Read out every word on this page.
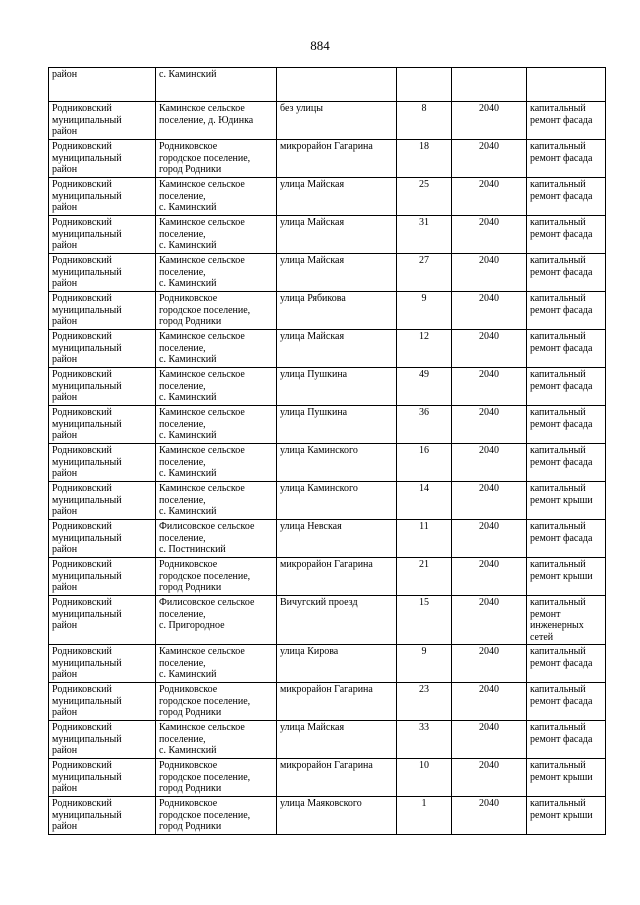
884
район	с. Каминский				
Родниковский
муниципальный
район	Каминское сельское
поселение, д. Юдинка	без улицы	8	2040	капитальный ремонт фасада
Родниковский
муниципальный
район	Родниковское
городское поселение,
город Родники	микрорайон Гагарина	18	2040	капитальный ремонт фасада
Родниковский
муниципальный
район	Каминское сельское
поселение,
с. Каминский	улица Майская	25	2040	капитальный ремонт фасада
Родниковский
муниципальный
район	Каминское сельское
поселение,
с. Каминский	улица Майская	31	2040	капитальный ремонт фасада
Родниковский
муниципальный
район	Каминское сельское
поселение,
с. Каминский	улица Майская	27	2040	капитальный ремонт фасада
Родниковский
муниципальный
район	Родниковское
городское поселение,
город Родники	улица Рябикова	9	2040	капитальный ремонт фасада
Родниковский
муниципальный
район	Каминское сельское
поселение,
с. Каминский	улица Майская	12	2040	капитальный ремонт фасада
Родниковский
муниципальный
район	Каминское сельское
поселение,
с. Каминский	улица Пушкина	49	2040	капитальный ремонт фасада
Родниковский
муниципальный
район	Каминское сельское
поселение,
с. Каминский	улица Пушкина	36	2040	капитальный ремонт фасада
Родниковский
муниципальный
район	Каминское сельское
поселение,
с. Каминский	улица Каминского	16	2040	капитальный ремонт фасада
Родниковский
муниципальный
район	Каминское сельское
поселение,
с. Каминский	улица Каминского	14	2040	капитальный ремонт крыши
Родниковский
муниципальный
район	Филисовское сельское
поселение,
с. Постнинский	улица Невская	11	2040	капитальный ремонт фасада
Родниковский
муниципальный
район	Родниковское
городское поселение,
город Родники	микрорайон Гагарина	21	2040	капитальный ремонт крыши
Родниковский
муниципальный
район	Филисовское сельское
поселение,
с. Пригородное	Вичугский проезд	15	2040	капитальный ремонт инженерных сетей
Родниковский
муниципальный
район	Каминское сельское
поселение,
с. Каминский	улица Кирова	9	2040	капитальный ремонт фасада
Родниковский
муниципальный
район	Родниковское
городское поселение,
город Родники	микрорайон Гагарина	23	2040	капитальный ремонт фасада
Родниковский
муниципальный
район	Каминское сельское
поселение,
с. Каминский	улица Майская	33	2040	капитальный ремонт фасада
Родниковский
муниципальный
район	Родниковское
городское поселение,
город Родники	микрорайон Гагарина	10	2040	капитальный ремонт крыши
Родниковский
муниципальный
район	Родниковское
городское поселение,
город Родники	улица Маяковского	1	2040	капитальный ремонт крыши
